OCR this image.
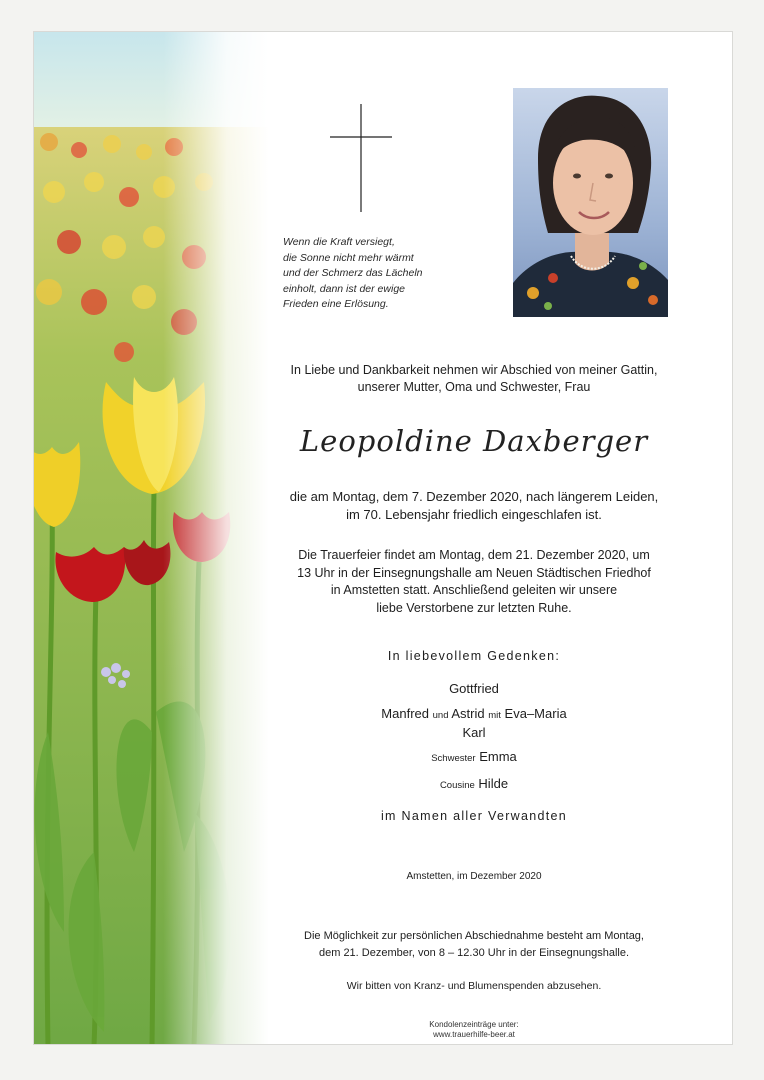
Wenn die Kraft versiegt,
die Sonne nicht mehr wärmt
und der Schmerz das Lächeln
einholt, dann ist der ewige
Frieden eine Erlösung.
In Liebe und Dankbarkeit nehmen wir Abschied von meiner Gattin,
unserer Mutter, Oma und Schwester, Frau
Leopoldine Daxberger
die am Montag, dem 7. Dezember 2020, nach längerem Leiden,
im 70. Lebensjahr friedlich eingeschlafen ist.
Die Trauerfeier findet am Montag, dem 21. Dezember 2020, um
13 Uhr in der Einsegnungshalle am Neuen Städtischen Friedhof
in Amstetten statt. Anschließend geleiten wir unsere
liebe Verstorbene zur letzten Ruhe.
In liebevollem Gedenken:
Gottfried
Manfred und Astrid mit Eva–Maria
Karl
Schwester Emma
Cousine Hilde
im Namen aller Verwandten
Amstetten, im Dezember 2020
Die Möglichkeit zur persönlichen Abschiednahme besteht am Montag,
dem 21. Dezember, von 8 – 12.30 Uhr in der Einsegnungshalle.
Wir bitten von Kranz- und Blumenspenden abzusehen.
Kondolenzeinträge unter:
www.trauerhilfe-beer.at
